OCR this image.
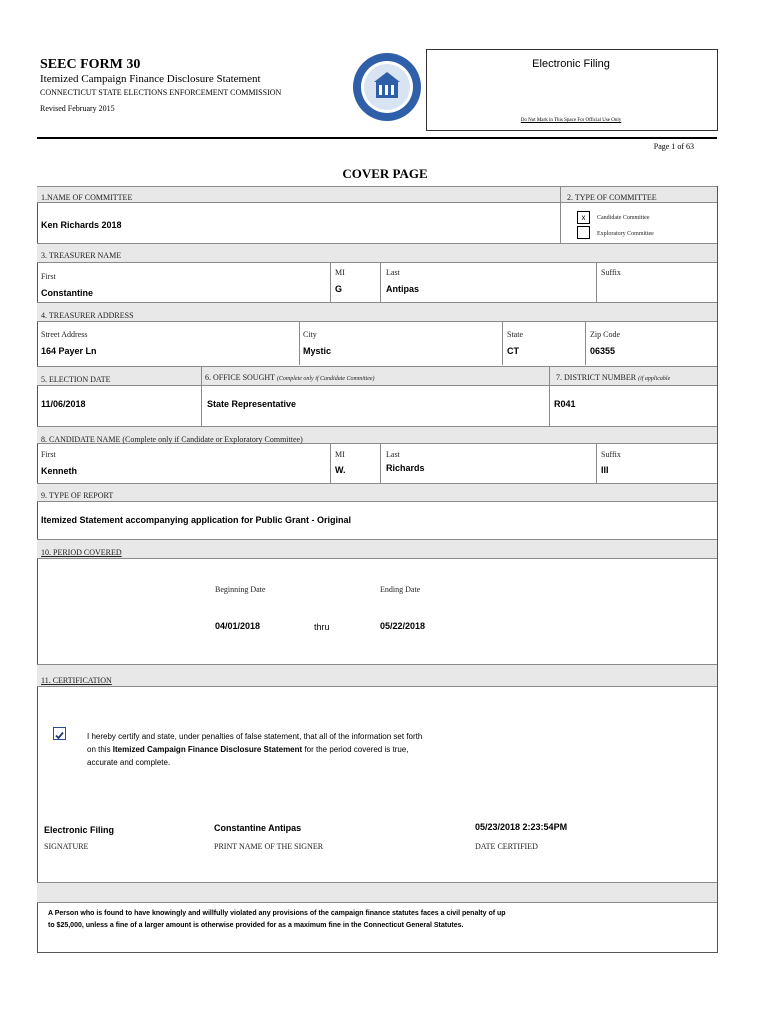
SEEC FORM 30
Itemized Campaign Finance Disclosure Statement
CONNECTICUT STATE ELECTIONS ENFORCEMENT COMMISSION
Revised February 2015
Electronic Filing
Do Not Mark in This Space For Official Use Only
Page 1 of 63
COVER PAGE
1.NAME OF COMMITTEE	2. TYPE OF COMMITTEE
Ken Richards 2018
x	Candidate Committee
Exploratory Committee
3. TREASURER NAME
First	MI	Last	Suffix
Constantine	G	Antipas
4. TREASURER ADDRESS
Street Address	City	State	Zip Code
164 Payer Ln	Mystic	CT	06355
5. ELECTION DATE	6. OFFICE SOUGHT (Complete only if Candidate Committee)	7. DISTRICT NUMBER (if applicable
11/06/2018	State Representative	R041
8. CANDIDATE NAME (Complete only if Candidate or Exploratory Committee)
First	MI	Last	Suffix
Kenneth	W.	Richards	III
9. TYPE OF REPORT
Itemized Statement accompanying application for Public Grant - Original
10. PERIOD COVERED
Beginning Date	Ending Date
04/01/2018	thru	05/22/2018
11. CERTIFICATION
I hereby certify and state, under penalties of false statement, that all of the information set forth
on this Itemized Campaign Finance Disclosure Statement for the period covered is true,
accurate and complete.
Electronic Filing	Constantine Antipas	05/23/2018 2:23:54PM
SIGNATURE	PRINT NAME OF THE SIGNER	DATE CERTIFIED
A Person who is found to have knowingly and willfully violated any provisions of the campaign finance statutes faces a civil penalty of up
to $25,000, unless a fine of a larger amount is otherwise provided for as a maximum fine in the Connecticut General Statutes.
